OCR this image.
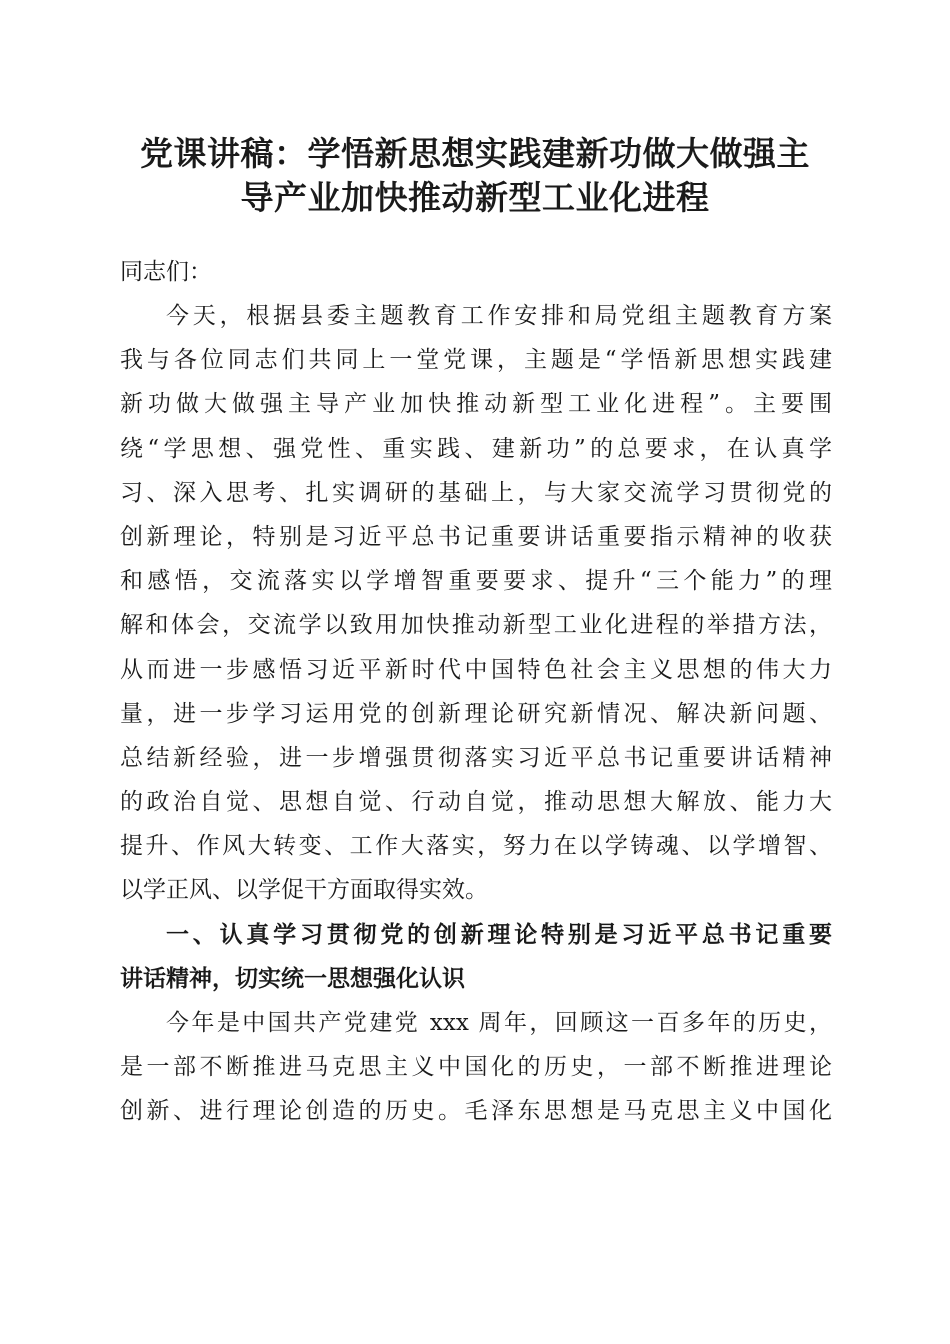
党课讲稿：学悟新思想实践建新功做大做强主
导产业加快推动新型工业化进程

同志们：

今天，根据县委主题教育工作安排和局党组主题教育方案
我与各位同志们共同上一堂党课，主题是“学悟新思想实践建
新功做大做强主导产业加快推动新型工业化进程”。主要围
绕“学思想、强党性、重实践、建新功”的总要求，在认真学
习、深入思考、扎实调研的基础上，与大家交流学习贯彻党的
创新理论，特别是习近平总书记重要讲话重要指示精神的收获
和感悟，交流落实以学增智重要要求、提升“三个能力”的理
解和体会，交流学以致用加快推动新型工业化进程的举措方法，
从而进一步感悟习近平新时代中国特色社会主义思想的伟大力
量，进一步学习运用党的创新理论研究新情况、解决新问题、
总结新经验，进一步增强贯彻落实习近平总书记重要讲话精神
的政治自觉、思想自觉、行动自觉，推动思想大解放、能力大
提升、作风大转变、工作大落实，努力在以学铸魂、以学增智、
以学正风、以学促干方面取得实效。
一、认真学习贯彻党的创新理论特别是习近平总书记重要
讲话精神，切实统一思想强化认识
今年是中国共产党建党 xxx 周年，回顾这一百多年的历史，
是一部不断推进马克思主义中国化的历史，一部不断推进理论
创新、进行理论创造的历史。毛泽东思想是马克思主义中国化
